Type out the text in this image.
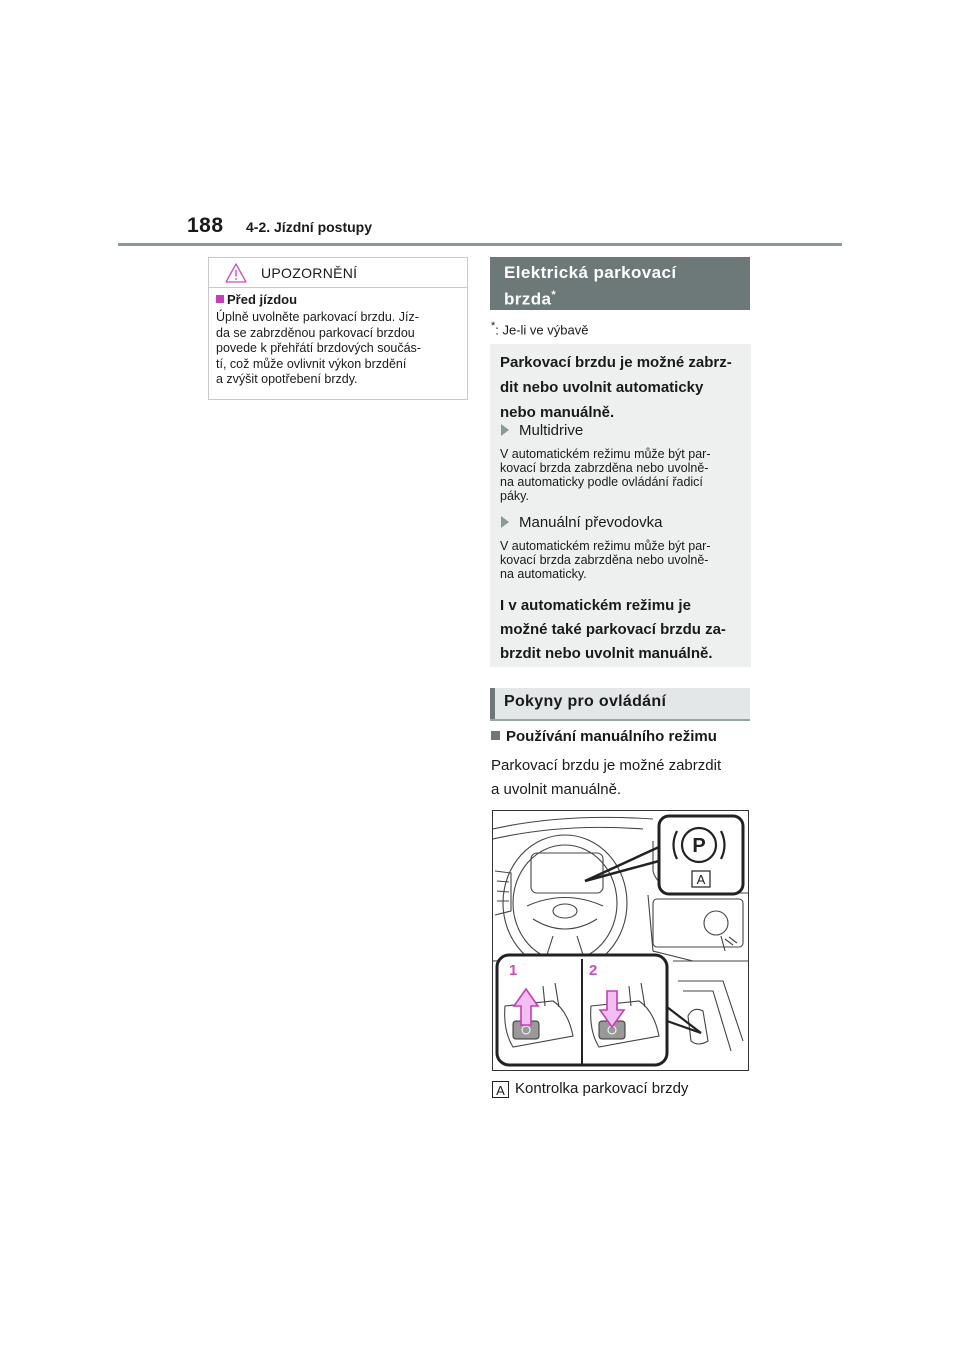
188 4-2. Jízdní postupy
UPOZORNĚNÍ
Před jízdou
Úplně uvolněte parkovací brzdu. Jíz-
da se zabrzděnou parkovací brzdou
povede k přehřátí brzdových součás-
tí, což může ovlivnit výkon brzdění
a zvýšit opotřebení brzdy.
Elektrická parkovací
brzda*
*: Je-li ve výbavě
Parkovací brzdu je možné zabrz-
dit nebo uvolnit automaticky
nebo manuálně.
Multidrive
V automatickém režimu může být par-
kovací brzda zabrzděna nebo uvolně-
na automaticky podle ovládání řadicí
páky.
Manuální převodovka
V automatickém režimu může být par-
kovací brzda zabrzděna nebo uvolně-
na automaticky.
I v automatickém režimu je
možné také parkovací brzdu za-
brzdit nebo uvolnit manuálně.
Pokyny pro ovládání
Používání manuálního režimu
Parkovací brzdu je možné zabrzdit
a uvolnit manuálně.
P
A
1	2
A Kontrolka parkovací brzdy
